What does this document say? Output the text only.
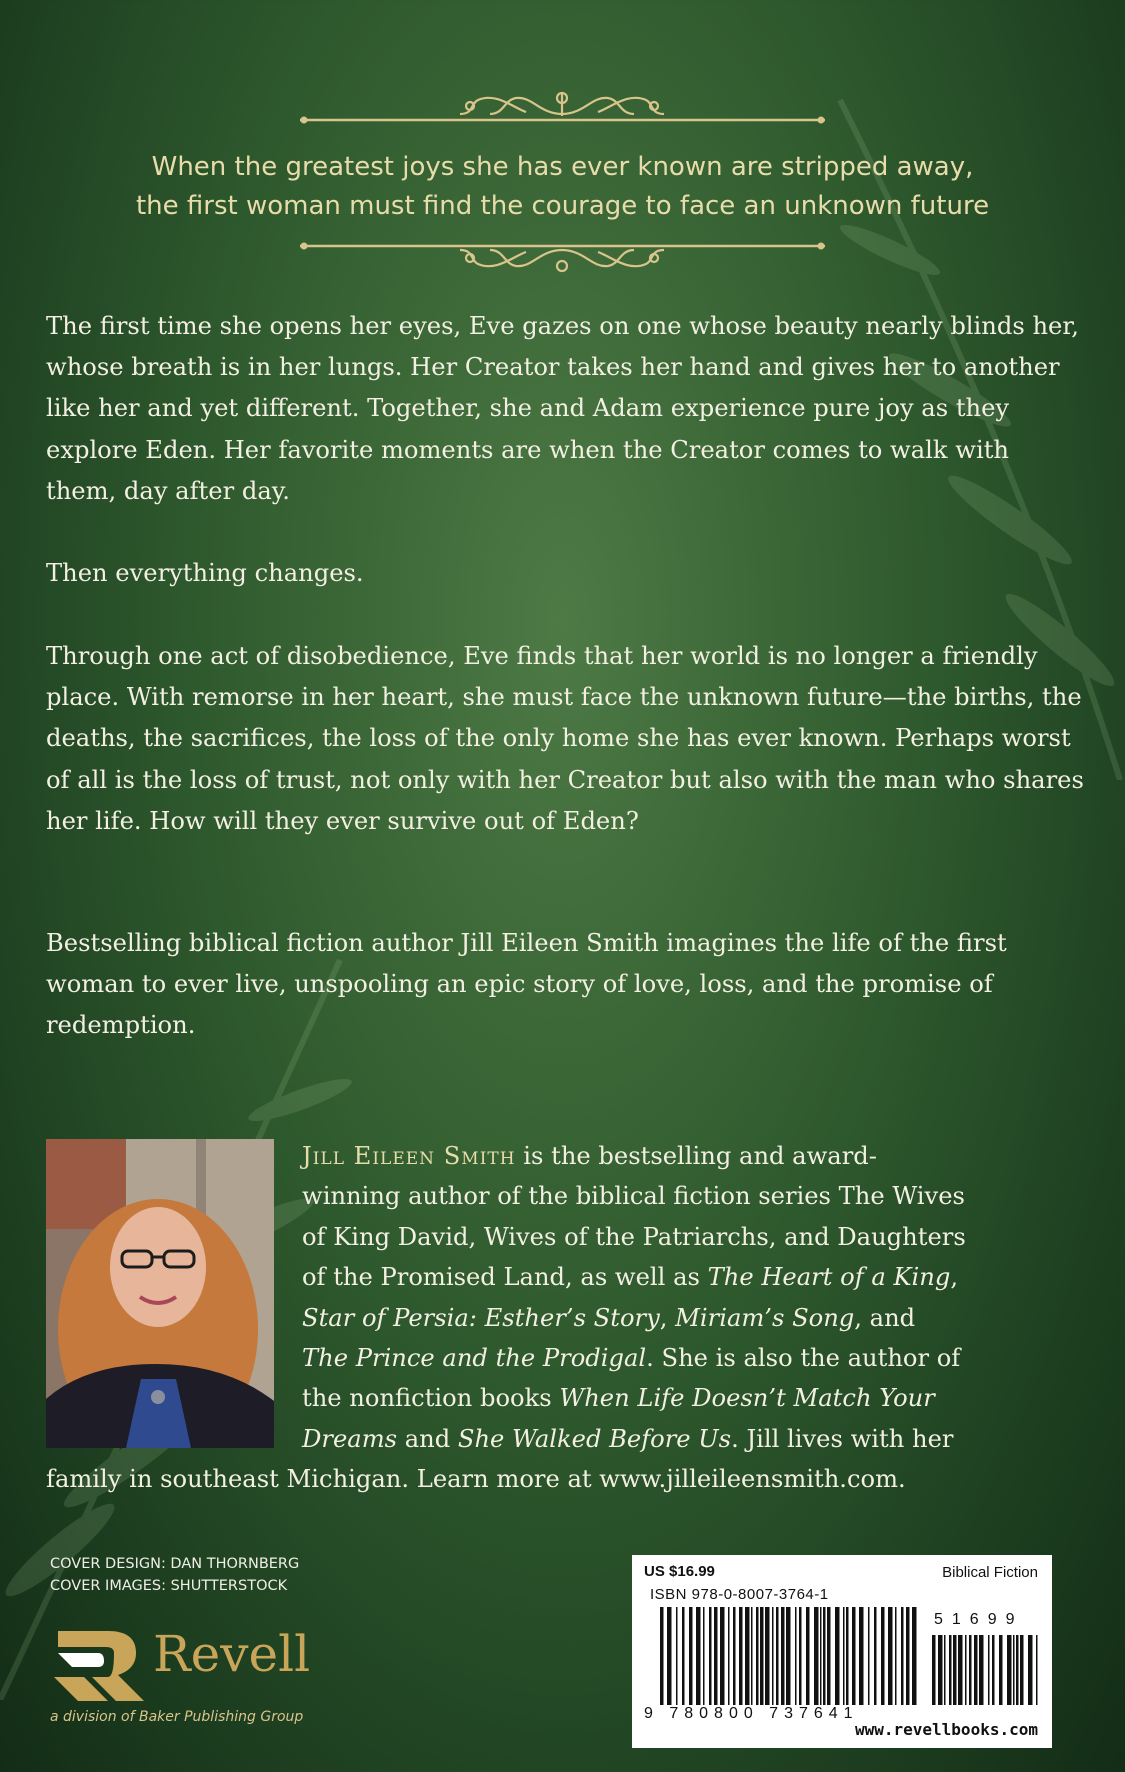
When the greatest joys she has ever known are stripped away,
the first woman must find the courage to face an unknown future

The first time she opens her eyes, Eve gazes on one whose beauty nearly blinds her, whose breath is in her lungs. Her Creator takes her hand and gives her to another like her and yet different. Together, she and Adam experience pure joy as they explore Eden. Her favorite moments are when the Creator comes to walk with them, day after day.

Then everything changes.

Through one act of disobedience, Eve finds that her world is no longer a friendly place. With remorse in her heart, she must face the unknown future—the births, the deaths, the sacrifices, the loss of the only home she has ever known. Perhaps worst of all is the loss of trust, not only with her Creator but also with the man who shares her life. How will they ever survive out of Eden?

Bestselling biblical fiction author Jill Eileen Smith imagines the life of the first woman to ever live, unspooling an epic story of love, loss, and the promise of redemption.

Jill Eileen Smith is the bestselling and award-
winning author of the biblical fiction series The Wives
of King David, Wives of the Patriarchs, and Daughters
of the Promised Land, as well as The Heart of a King,
Star of Persia: Esther’s Story, Miriam’s Song, and
The Prince and the Prodigal. She is also the author of
the nonfiction books When Life Doesn’t Match Your
Dreams and She Walked Before Us. Jill lives with her
family in southeast Michigan. Learn more at www.jilleileensmith.com.
COVER DESIGN: DAN THORNBERG
COVER IMAGES: SHUTTERSTOCK
Revell
a division of Baker Publishing Group
US $16.99	Biblical Fiction
ISBN 978-0-8007-3764-1
51699
9 780800 737641
www.revellbooks.com
